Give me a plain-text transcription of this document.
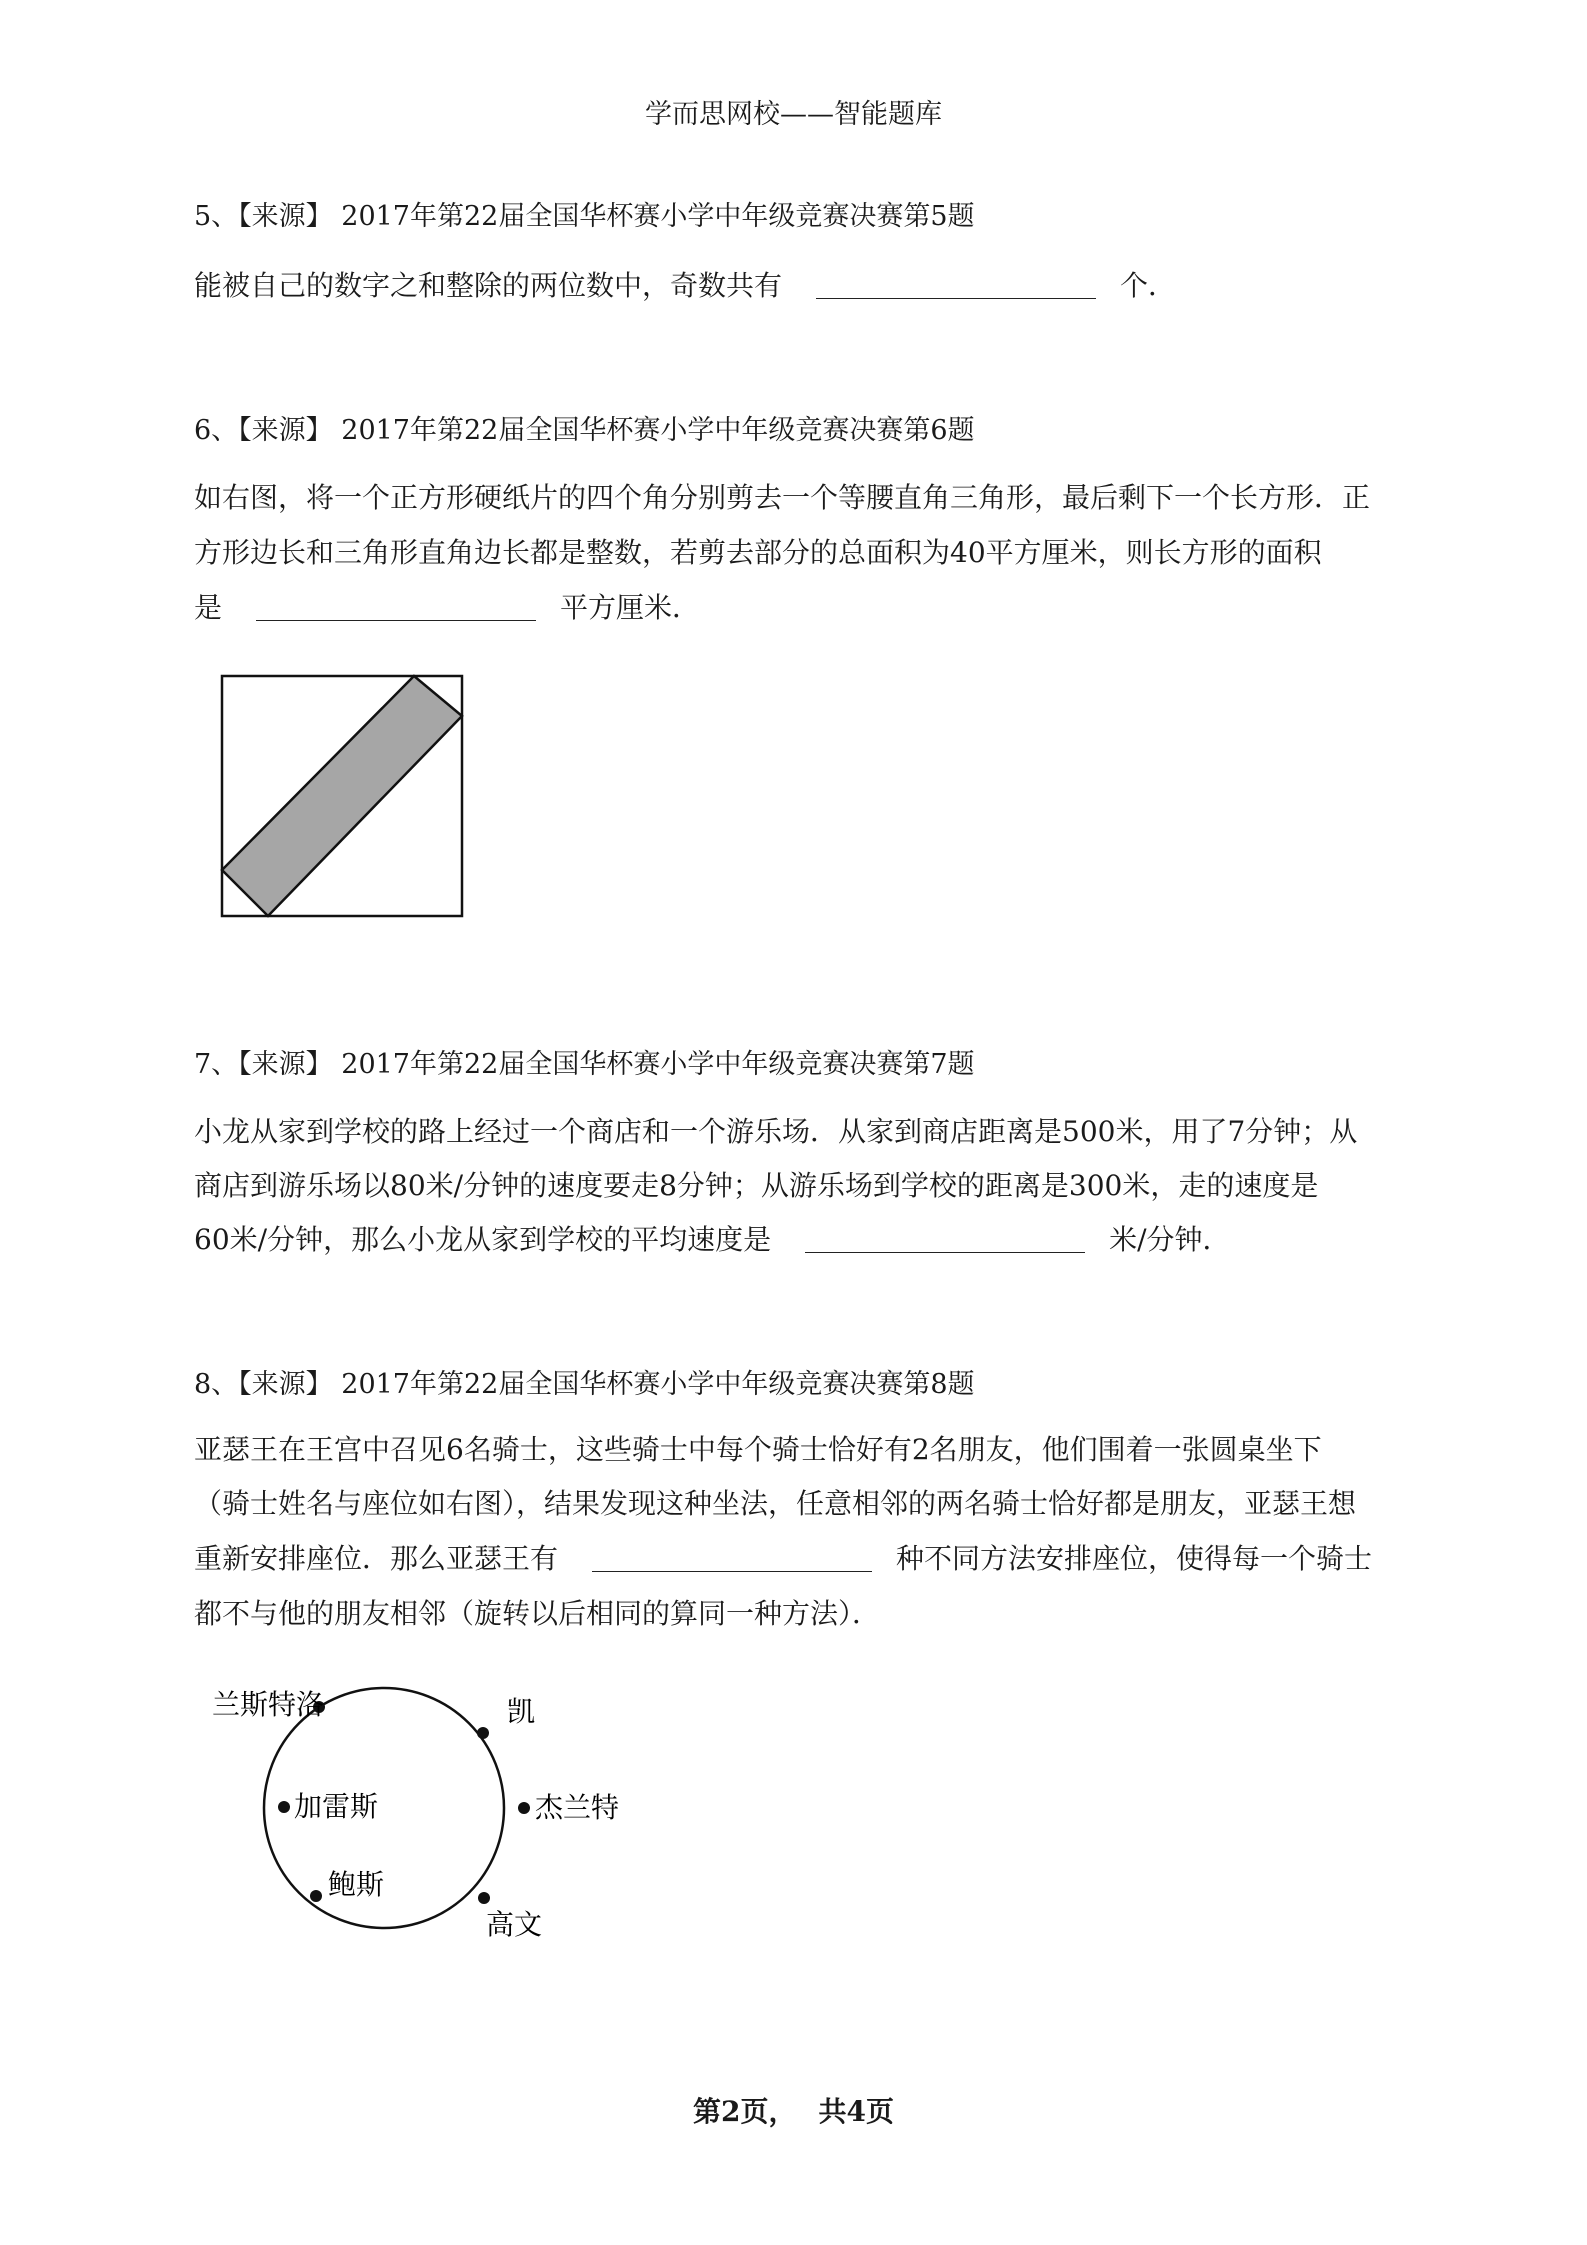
学而思网校——智能题库
5、【来源】 2017年第22届全国华杯赛小学中年级竞赛决赛第5题
能被自己的数字之和整除的两位数中，奇数共有	个．
6、【来源】 2017年第22届全国华杯赛小学中年级竞赛决赛第6题
如右图，将一个正方形硬纸片的四个角分别剪去一个等腰直角三角形，最后剩下一个长方形．正
方形边长和三角形直角边长都是整数，若剪去部分的总面积为40平方厘米，则长方形的面积
是	平方厘米．
7、【来源】 2017年第22届全国华杯赛小学中年级竞赛决赛第7题
小龙从家到学校的路上经过一个商店和一个游乐场．从家到商店距离是500米，用了7分钟；从
商店到游乐场以80米/分钟的速度要走8分钟；从游乐场到学校的距离是300米，走的速度是
60米/分钟，那么小龙从家到学校的平均速度是	米/分钟．
8、【来源】 2017年第22届全国华杯赛小学中年级竞赛决赛第8题
亚瑟王在王宫中召见6名骑士，这些骑士中每个骑士恰好有2名朋友，他们围着一张圆桌坐下
（骑士姓名与座位如右图），结果发现这种坐法，任意相邻的两名骑士恰好都是朋友，亚瑟王想
重新安排座位．那么亚瑟王有	种不同方法安排座位，使得每一个骑士
都不与他的朋友相邻（旋转以后相同的算同一种方法）．
兰斯特洛	凯
加雷斯	杰兰特
鲍斯
高文
第2页， 共4页
